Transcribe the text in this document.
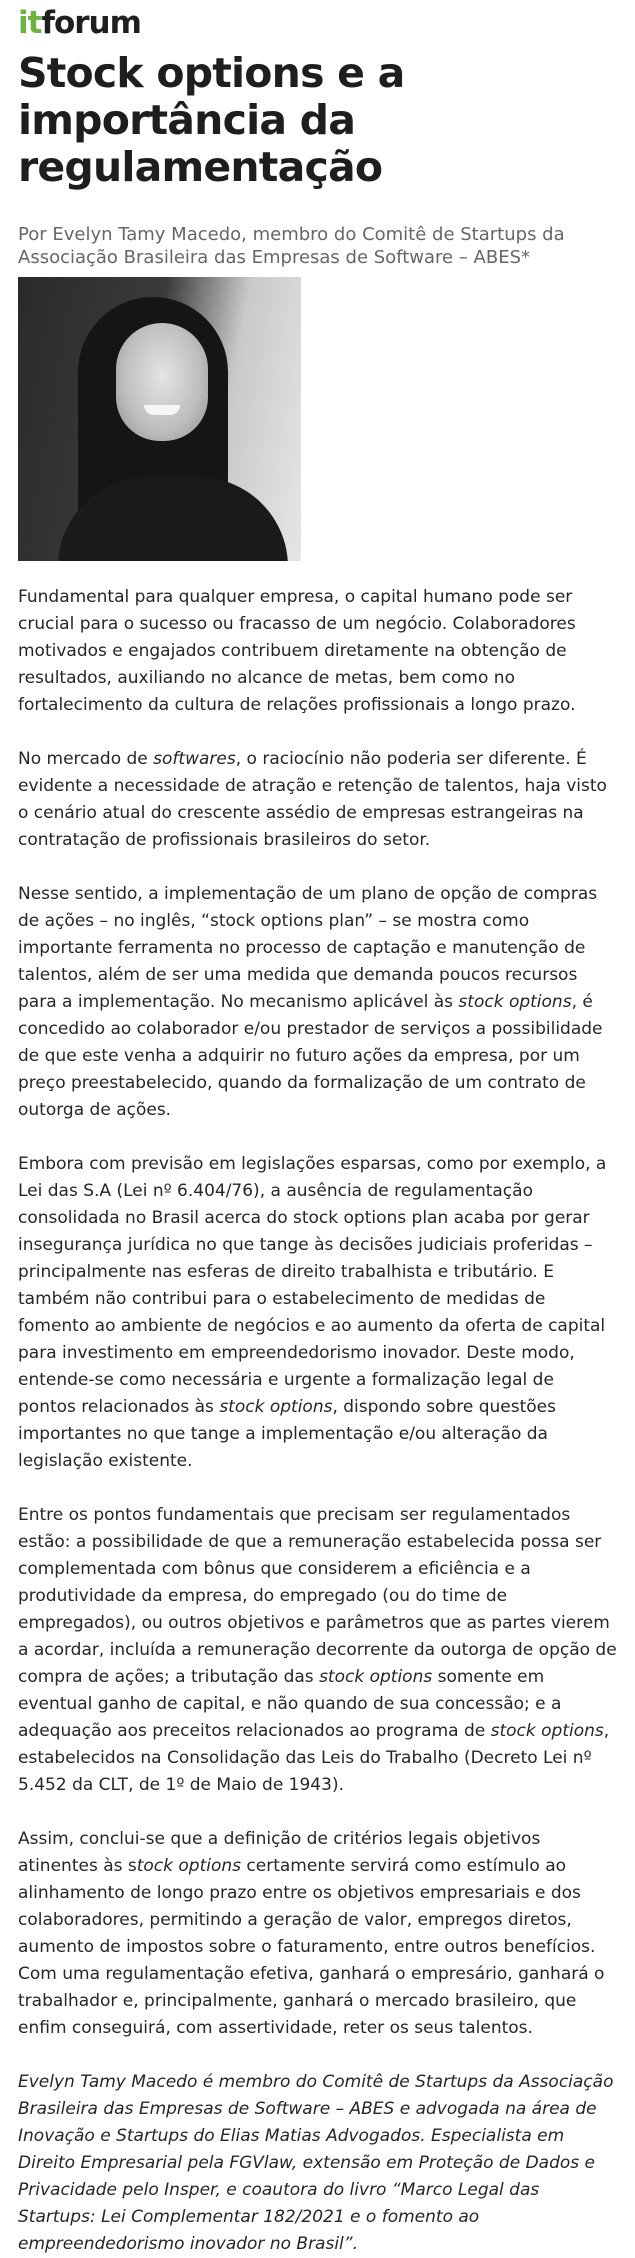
it forum
Stock options e a importância da regulamentação
Por Evelyn Tamy Macedo, membro do Comitê de Startups da Associação Brasileira das Empresas de Software – ABES*

Fundamental para qualquer empresa, o capital humano pode ser crucial para o sucesso ou fracasso de um negócio. Colaboradores motivados e engajados contribuem diretamente na obtenção de resultados, auxiliando no alcance de metas, bem como no fortalecimento da cultura de relações profissionais a longo prazo.

No mercado de softwares, o raciocínio não poderia ser diferente. É evidente a necessidade de atração e retenção de talentos, haja visto o cenário atual do crescente assédio de empresas estrangeiras na contratação de profissionais brasileiros do setor.

Nesse sentido, a implementação de um plano de opção de compras de ações – no inglês, “stock options plan” – se mostra como importante ferramenta no processo de captação e manutenção de talentos, além de ser uma medida que demanda poucos recursos para a implementação. No mecanismo aplicável às stock options, é concedido ao colaborador e/ou prestador de serviços a possibilidade de que este venha a adquirir no futuro ações da empresa, por um preço preestabelecido, quando da formalização de um contrato de outorga de ações.

Embora com previsão em legislações esparsas, como por exemplo, a Lei das S.A (Lei nº 6.404/76), a ausência de regulamentação consolidada no Brasil acerca do stock options plan acaba por gerar insegurança jurídica no que tange às decisões judiciais proferidas – principalmente nas esferas de direito trabalhista e tributário. E também não contribui para o estabelecimento de medidas de fomento ao ambiente de negócios e ao aumento da oferta de capital para investimento em empreendedorismo inovador. Deste modo, entende-se como necessária e urgente a formalização legal de pontos relacionados às stock options, dispondo sobre questões importantes no que tange a implementação e/ou alteração da legislação existente.

Entre os pontos fundamentais que precisam ser regulamentados estão: a possibilidade de que a remuneração estabelecida possa ser complementada com bônus que considerem a eficiência e a produtividade da empresa, do empregado (ou do time de empregados), ou outros objetivos e parâmetros que as partes vierem a acordar, incluída a remuneração decorrente da outorga de opção de compra de ações; a tributação das stock options somente em eventual ganho de capital, e não quando de sua concessão; e a adequação aos preceitos relacionados ao programa de stock options, estabelecidos na Consolidação das Leis do Trabalho (Decreto Lei nº 5.452 da CLT, de 1º de Maio de 1943).

Assim, conclui-se que a definição de critérios legais objetivos atinentes às stock options certamente servirá como estímulo ao alinhamento de longo prazo entre os objetivos empresariais e dos colaboradores, permitindo a geração de valor, empregos diretos, aumento de impostos sobre o faturamento, entre outros benefícios. Com uma regulamentação efetiva, ganhará o empresário, ganhará o trabalhador e, principalmente, ganhará o mercado brasileiro, que enfim conseguirá, com assertividade, reter os seus talentos.

Evelyn Tamy Macedo é membro do Comitê de Startups da Associação Brasileira das Empresas de Software – ABES e advogada na área de Inovação e Startups do Elias Matias Advogados. Especialista em Direito Empresarial pela FGVlaw, extensão em Proteção de Dados e Privacidade pelo Insper, e coautora do livro “Marco Legal das Startups: Lei Complementar 182/2021 e o fomento ao empreendedorismo inovador no Brasil”.
